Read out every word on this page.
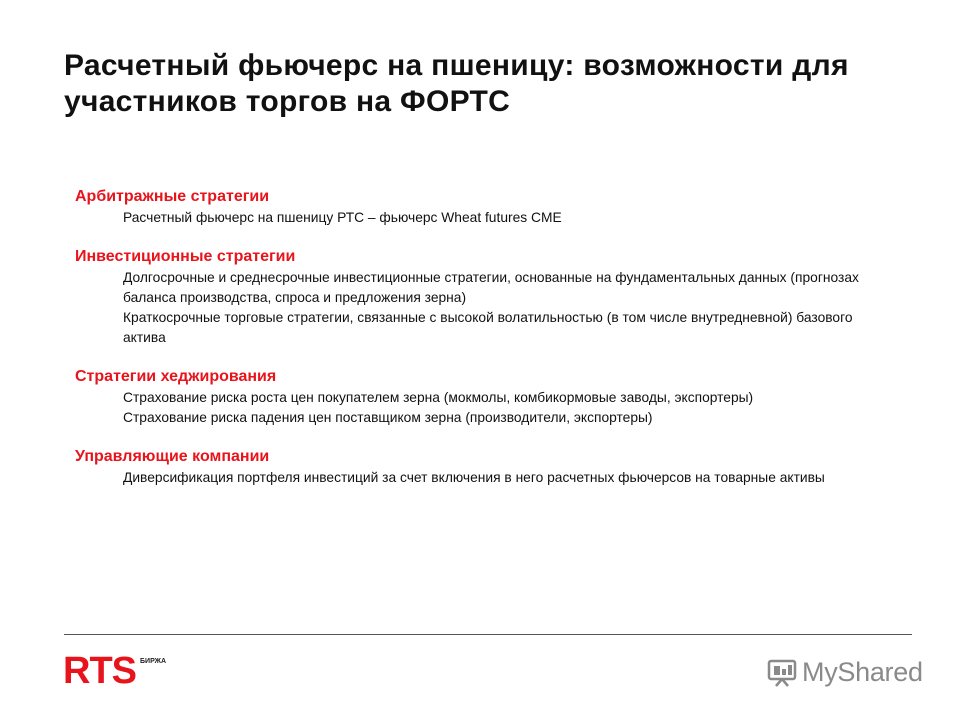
Расчетный фьючерс на пшеницу: возможности для участников торгов на ФОРТС

Арбитражные стратегии

Расчетный фьючерс на пшеницу РТС – фьючерс Wheat futures CME

Инвестиционные стратегии

Долгосрочные и среднесрочные инвестиционные стратегии, основанные на фундаментальных данных (прогнозах баланса производства, спроса и предложения зерна)

Краткосрочные торговые стратегии, связанные с высокой волатильностью (в том числе внутредневной) базового актива

Стратегии хеджирования

Страхование риска роста цен покупателем зерна (мокмолы, комбикормовые заводы, экспортеры)

Страхование риска падения цен поставщиком зерна (производители, экспортеры)

Управляющие компании

Диверсификация портфеля инвестиций за счет включения в него расчетных фьючерсов на товарные активы

RTS БИРЖА	MyShared
